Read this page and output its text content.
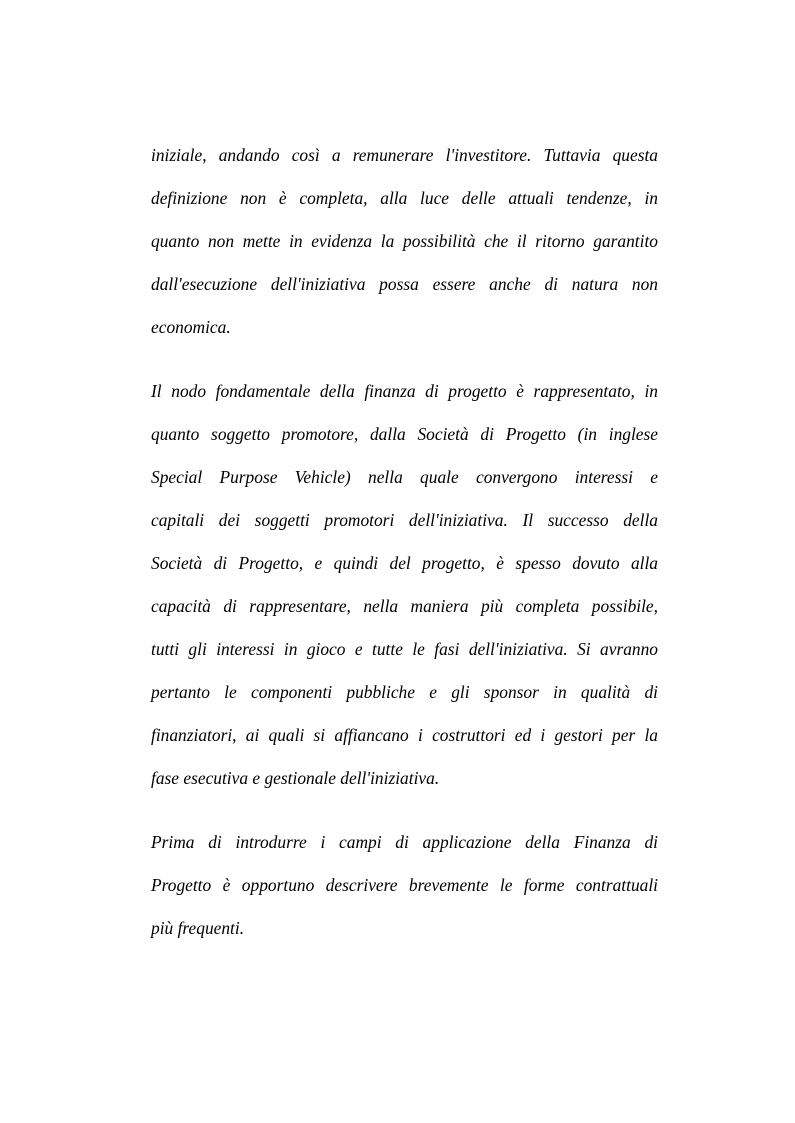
iniziale, andando così a remunerare l'investitore. Tuttavia questa
definizione non è completa, alla luce delle attuali tendenze, in
quanto non mette in evidenza la possibilità che il ritorno garantito
dall'esecuzione dell'iniziativa possa essere anche di natura non
economica.

Il nodo fondamentale della finanza di progetto è rappresentato, in
quanto soggetto promotore, dalla Società di Progetto (in inglese
Special Purpose Vehicle) nella quale convergono interessi e
capitali dei soggetti promotori dell'iniziativa. Il successo della
Società di Progetto, e quindi del progetto, è spesso dovuto alla
capacità di rappresentare, nella maniera più completa possibile,
tutti gli interessi in gioco e tutte le fasi dell'iniziativa. Si avranno
pertanto le componenti pubbliche e gli sponsor in qualità di
finanziatori, ai quali si affiancano i costruttori ed i gestori per la
fase esecutiva e gestionale dell'iniziativa.

Prima di introdurre i campi di applicazione della Finanza di
Progetto è opportuno descrivere brevemente le forme contrattuali
più frequenti.
